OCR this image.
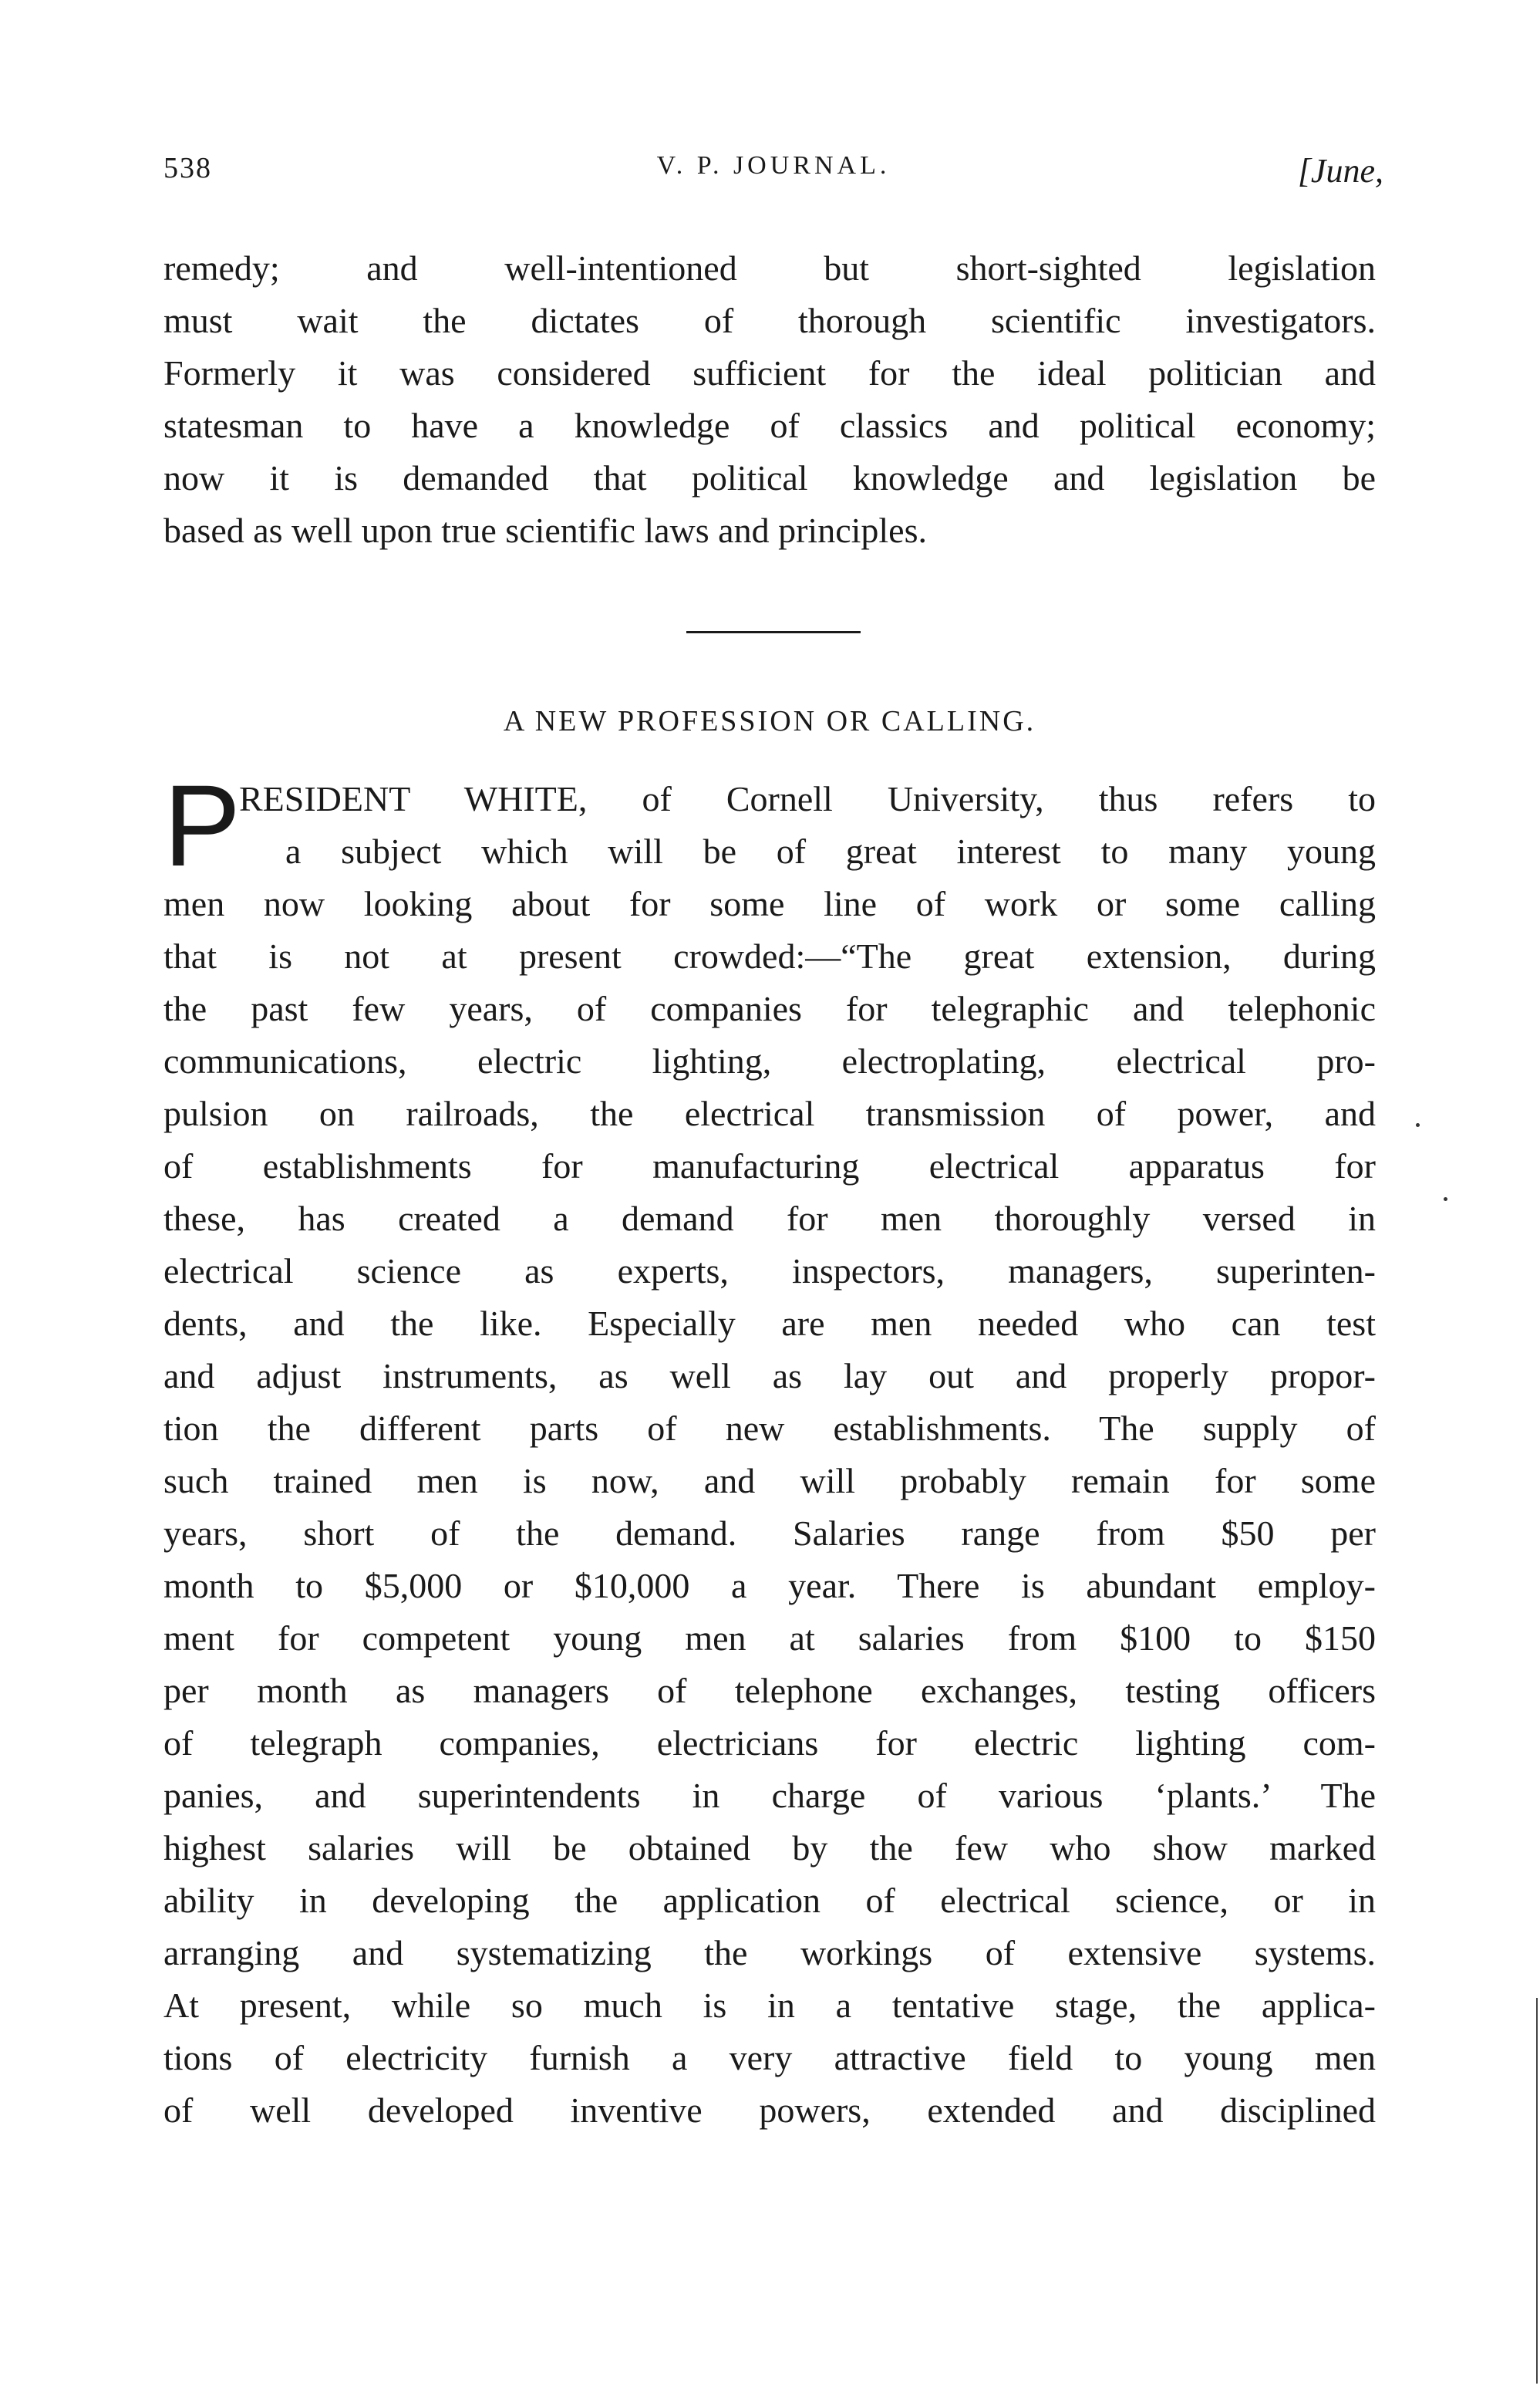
538	V. P. JOURNAL.	[June,
remedy; and well-intentioned but short-sighted legislation
must wait the dictates of thorough scientific investigators.
Formerly it was considered sufficient for the ideal politician and
statesman to have a knowledge of classics and political economy;
now it is demanded that political knowledge and legislation be
based as well upon true scientific laws and principles.
A NEW PROFESSION OR CALLING.
P
RESIDENT WHITE, of Cornell University, thus refers to
a subject which will be of great interest to many young
men now looking about for some line of work or some calling
that is not at present crowded:—“The great extension, during
the past few years, of companies for telegraphic and telephonic
communications, electric lighting, electroplating, electrical pro-
pulsion on railroads, the electrical transmission of power, and
of establishments for manufacturing electrical apparatus for
these, has created a demand for men thoroughly versed in
electrical science as experts, inspectors, managers, superinten-
dents, and the like. Especially are men needed who can test
and adjust instruments, as well as lay out and properly propor-
tion the different parts of new establishments. The supply of
such trained men is now, and will probably remain for some
years, short of the demand. Salaries range from $50 per
month to $5,000 or $10,000 a year. There is abundant employ-
ment for competent young men at salaries from $100 to $150
per month as managers of telephone exchanges, testing officers
of telegraph companies, electricians for electric lighting com-
panies, and superintendents in charge of various ‘plants.’ The
highest salaries will be obtained by the few who show marked
ability in developing the application of electrical science, or in
arranging and systematizing the workings of extensive systems.
At present, while so much is in a tentative stage, the applica-
tions of electricity furnish a very attractive field to young men
of well developed inventive powers, extended and disciplined
